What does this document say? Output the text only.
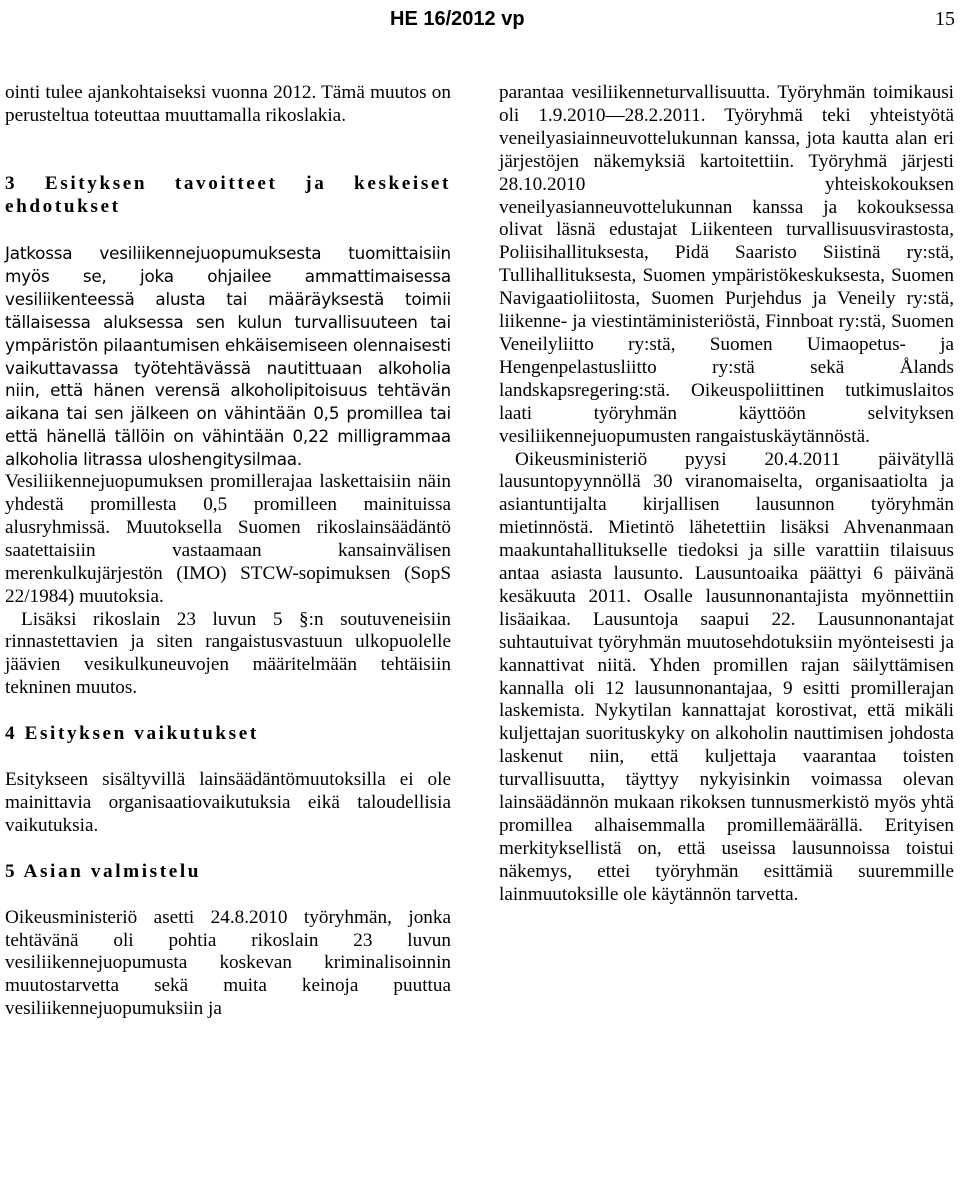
HE 16/2012 vp	15

ointi tulee ajankohtaiseksi vuonna 2012. Tämä muutos on perusteltua toteuttaa muuttamalla rikoslakia.

3 Esityksen tavoitteet ja keskeiset ehdotukset

Jatkossa vesiliikennejuopumuksesta tuomittaisiin myös se, joka ohjailee ammattimaisessa vesiliikenteessä alusta tai määräyksestä toimii tällaisessa aluksessa sen kulun turvallisuuteen tai ympäristön pilaantumisen ehkäisemiseen olennaisesti vaikuttavassa työtehtävässä nautittuaan alkoholia niin, että hänen verensä alkoholipitoisuus tehtävän aikana tai sen jälkeen on vähintään 0,5 promillea tai että hänellä tällöin on vähintään 0,22 milligrammaa alkoholia litrassa uloshengitysilmaa.

Vesiliikennejuopumuksen promillerajaa laskettaisiin näin yhdestä promillesta 0,5 promilleen mainituissa alusryhmissä. Muutoksella Suomen rikoslainsäädäntö saatettaisiin vastaamaan kansainvälisen merenkulkujärjestön (IMO) STCW-sopimuksen (SopS 22/1984) muutoksia.

Lisäksi rikoslain 23 luvun 5 §:n soutuveneisiin rinnastettavien ja siten rangaistusvastuun ulkopuolelle jäävien vesikulkuneuvojen määritelmään tehtäisiin tekninen muutos.

4 Esityksen vaikutukset

Esitykseen sisältyvillä lainsäädäntömuutoksilla ei ole mainittavia organisaatiovaikutuksia eikä taloudellisia vaikutuksia.

5 Asian valmistelu

Oikeusministeriö asetti 24.8.2010 työryhmän, jonka tehtävänä oli pohtia rikoslain 23 luvun vesiliikennejuopumusta koskevan kriminalisoinnin muutostarvetta sekä muita keinoja puuttua vesiliikennejuopumuksiin ja

parantaa vesiliikenneturvallisuutta. Työryhmän toimikausi oli 1.9.2010—28.2.2011. Työryhmä teki yhteistyötä veneilyasiainneuvottelukunnan kanssa, jota kautta alan eri järjestöjen näkemyksiä kartoitettiin. Työryhmä järjesti 28.10.2010 yhteiskokouksen veneilyasianneuvottelukunnan kanssa ja kokouksessa olivat läsnä edustajat Liikenteen turvallisuusvirastosta, Poliisihallituksesta, Pidä Saaristo Siistinä ry:stä, Tullihallituksesta, Suomen ympäristökeskuksesta, Suomen Navigaatioliitosta, Suomen Purjehdus ja Veneily ry:stä, liikenne- ja viestintäministeriöstä, Finnboat ry:stä, Suomen Veneilyliitto ry:stä, Suomen Uimaopetus- ja Hengenpelastusliitto ry:stä sekä Ålands landskapsregering:stä. Oikeuspoliittinen tutkimuslaitos laati työryhmän käyttöön selvityksen vesiliikennejuopumusten rangaistuskäytännöstä.

Oikeusministeriö pyysi 20.4.2011 päivätyllä lausuntopyynnöllä 30 viranomaiselta, organisaatiolta ja asiantuntijalta kirjallisen lausunnon työryhmän mietinnöstä. Mietintö lähetettiin lisäksi Ahvenanmaan maakuntahallitukselle tiedoksi ja sille varattiin tilaisuus antaa asiasta lausunto. Lausuntoaika päättyi 6 päivänä kesäkuuta 2011. Osalle lausunnonantajista myönnettiin lisäaikaa. Lausuntoja saapui 22. Lausunnonantajat suhtautuivat työryhmän muutosehdotuksiin myönteisesti ja kannattivat niitä. Yhden promillen rajan säilyttämisen kannalla oli 12 lausunnonantajaa, 9 esitti promillerajan laskemista. Nykytilan kannattajat korostivat, että mikäli kuljettajan suorituskyky on alkoholin nauttimisen johdosta laskenut niin, että kuljettaja vaarantaa toisten turvallisuutta, täyttyy nykyisinkin voimassa olevan lainsäädännön mukaan rikoksen tunnusmerkistö myös yhtä promillea alhaisemmalla promillemäärällä. Erityisen merkityksellistä on, että useissa lausunnoissa toistui näkemys, ettei työryhmän esittämiä suuremmille lainmuutoksille ole käytännön tarvetta.
